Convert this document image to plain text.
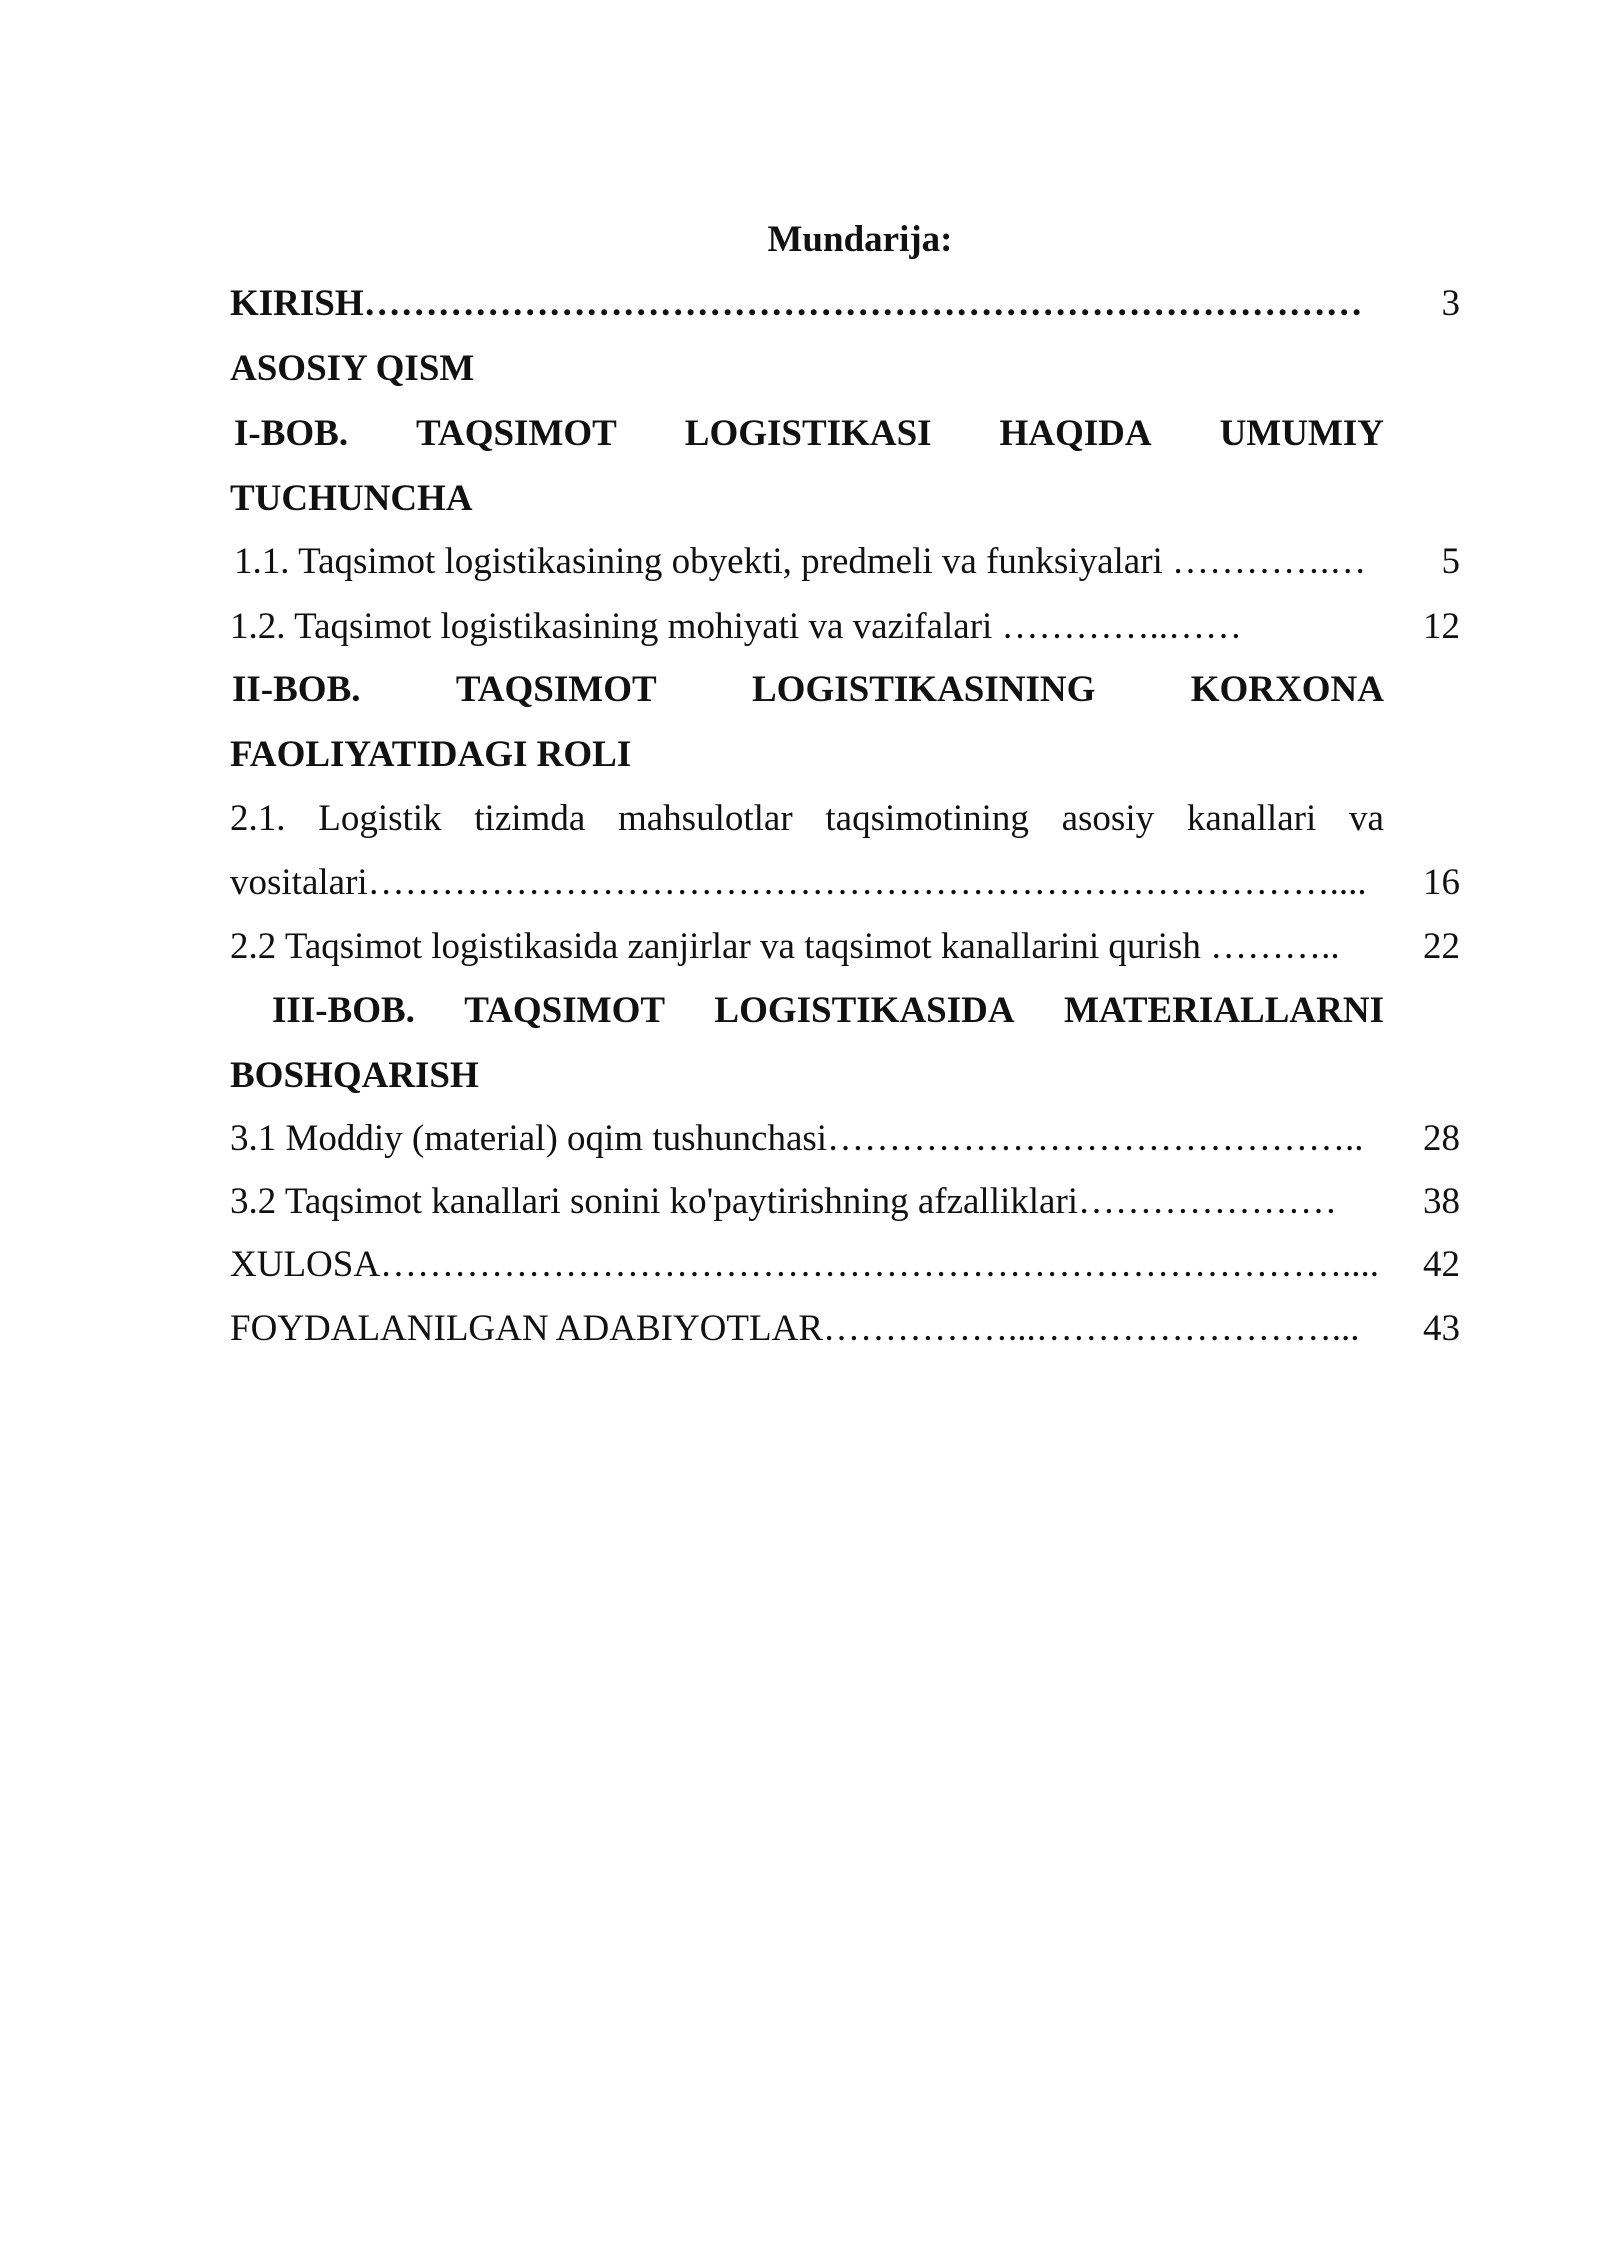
Mundarija:
KIRISH………………………………………………………………………	3
ASOSIY QISM
I-BOB. TAQSIMOT LOGISTIKASI HAQIDA UMUMIY
TUCHUNCHA
1.1. Taqsimot logistikasining obyekti, predmeli va funksiyalari ………….…	5
1.2. Taqsimot logistikasining mohiyati va vazifalari …………..……	12
II-BOB.	TAQSIMOT	LOGISTIKASINING	KORXONA
FAOLIYATIDAGI ROLI
2.1. Logistik tizimda mahsulotlar taqsimotining asosiy kanallari va
vositalari……………………………………………………………………....	16
2.2 Taqsimot logistikasida zanjirlar va taqsimot kanallarini qurish ………..	22
III-BOB. TAQSIMOT LOGISTIKASIDA MATERIALLARNI
BOSHQARISH
3.1 Moddiy (material) oqim tushunchasi……………………………………..	28
3.2 Taqsimot kanallari sonini ko'paytirishning afzalliklari…………………	38
XULOSA……………………………………………………………………....	42
FOYDALANILGAN ADABIYOTLAR……………...……………………...	43
